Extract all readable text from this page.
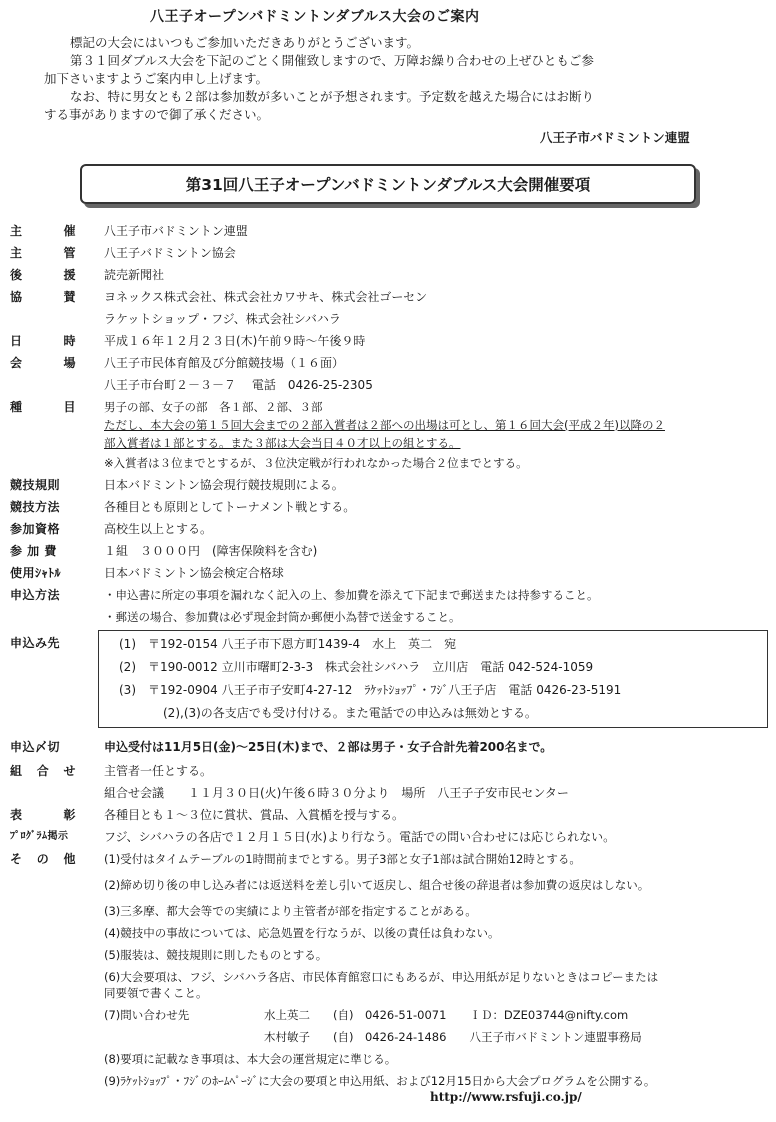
八王子オープンバドミントンダブルス大会のご案内
標記の大会にはいつもご参加いただきありがとうございます。
第３１回ダブルス大会を下記のごとく開催致しますので、万障お繰り合わせの上ぜひともご参
加下さいますようご案内申し上げます。
なお、特に男女とも２部は参加数が多いことが予想されます。予定数を越えた場合にはお断り
する事がありますので御了承ください。
八王子市バドミントン連盟
第31回八王子オープンバドミントンダブルス大会開催要項
主	催 八王子市バドミントン連盟
主	管 八王子バドミントン協会
後	援 読売新聞社
協	賛 ヨネックス株式会社、株式会社カワサキ、株式会社ゴーセン
ラケットショップ・フジ、株式会社シバハラ
日	時 平成１６年１２月２３日(木)午前９時～午後９時
会	場 八王子市民体育館及び分館競技場（１６面）
八王子市台町２－３－７　 電話　0426-25-2305
種	目 男子の部、女子の部　各１部、２部、３部
ただし、本大会の第１５回大会までの２部入賞者は２部への出場は可とし、第１６回大会(平成２年)以降の２
部入賞者は１部とする。また３部は大会当日４０才以上の組とする。
※入賞者は３位までとするが、３位決定戦が行われなかった場合２位までとする。
競技規則	日本バドミントン協会現行競技規則による。
競技方法	各種目とも原則としてトーナメント戦とする。
参加資格	高校生以上とする。
参 加 費	１組　３０００円　(障害保険料を含む)
使用ｼｬﾄﾙ	日本バドミントン協会検定合格球
申込方法	・申込書に所定の事項を漏れなく記入の上、参加費を添えて下記まで郵送または持参すること。
・郵送の場合、参加費は必ず現金封筒か郵便小為替で送金すること。
申込み先	(1)　〒192-0154 八王子市下恩方町1439-4　水上　英二　宛
(2)　〒190-0012 立川市曙町2-3-3　株式会社シバハラ　立川店　電話 042-524-1059
(3)　〒192-0904 八王子市子安町4-27-12　ﾗｹｯﾄｼｮｯﾌﾟ・ﾌｼﾞ八王子店　電話 0426-23-5191
(2),(3)の各支店でも受け付ける。また電話での申込みは無効とする。
申込〆切	申込受付は11月5日(金)～25日(木)まで、２部は男子・女子合計先着200名まで。
組 合 せ 主管者一任とする。
組合せ会議　　１１月３０日(火)午後６時３０分より　場所　八王子子安市民センター
表	彰 各種目とも１～３位に賞状、賞品、入賞楯を授与する。
ﾌﾟﾛｸﾞﾗﾑ掲示	フジ、シバハラの各店で１２月１５日(水)より行なう。電話での問い合わせには応じられない。
そ の 他 (1)受付はタイムテーブルの1時間前までとする。男子3部と女子1部は試合開始12時とする。
(2)締め切り後の申し込み者には返送料を差し引いて返戻し、組合せ後の辞退者は参加費の返戻はしない。
(3)三多摩、都大会等での実績により主管者が部を指定することがある。
(4)競技中の事故については、応急処置を行なうが、以後の責任は負わない。
(5)服装は、競技規則に則したものとする。
(6)大会要項は、フジ、シバハラ各店、市民体育館窓口にもあるが、申込用紙が足りないときはコピーまたは
同要領で書くこと。
(7)問い合わせ先	水上英二　　(自)　0426-51-0071　　ＩＤ：DZE03744@nifty.com
木村敏子　　(自)　0426-24-1486　　八王子市バドミントン連盟事務局
(8)要項に記載なき事項は、本大会の運営規定に準じる。
(9)ﾗｹｯﾄｼｮｯﾌﾟ・ﾌｼﾞのﾎｰﾑﾍﾟｰｼﾞに大会の要項と申込用紙、および12月15日から大会プログラムを公開する。
http://www.rsfuji.co.jp/
